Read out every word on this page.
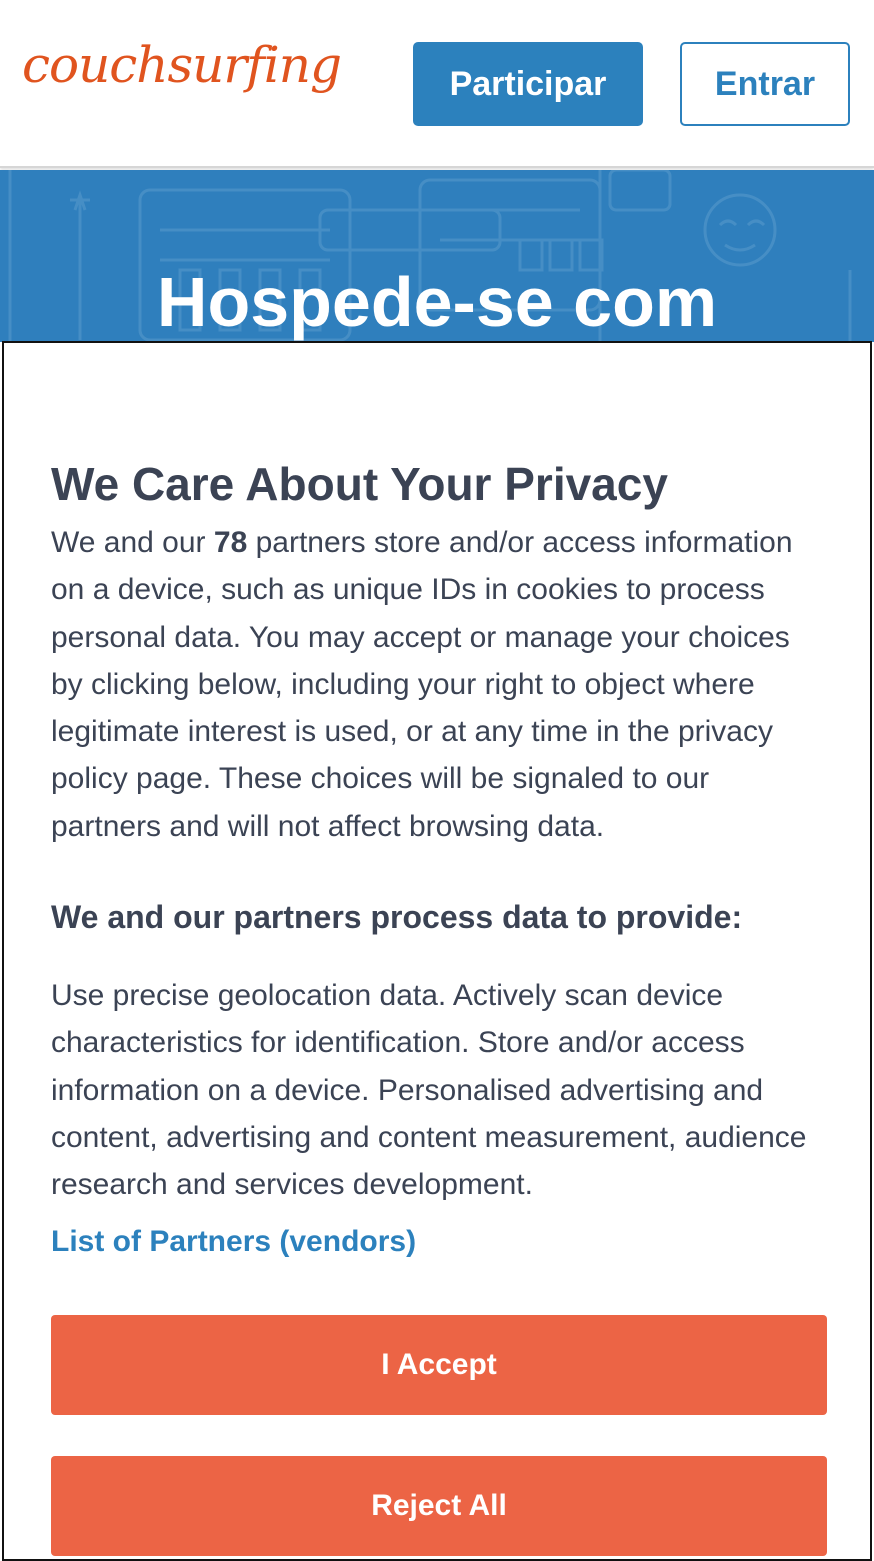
couchsurfing	Participar	Entrar
Hospede-se com
We Care About Your Privacy

We and our 78 partners store and/or access information on a device, such as unique IDs in cookies to process personal data. You may accept or manage your choices by clicking below, including your right to object where legitimate interest is used, or at any time in the privacy policy page. These choices will be signaled to our partners and will not affect browsing data.

We and our partners process data to provide:

Use precise geolocation data. Actively scan device characteristics for identification. Store and/or access information on a device. Personalised advertising and content, advertising and content measurement, audience research and services development.

List of Partners (vendors)
I Accept
Reject All
